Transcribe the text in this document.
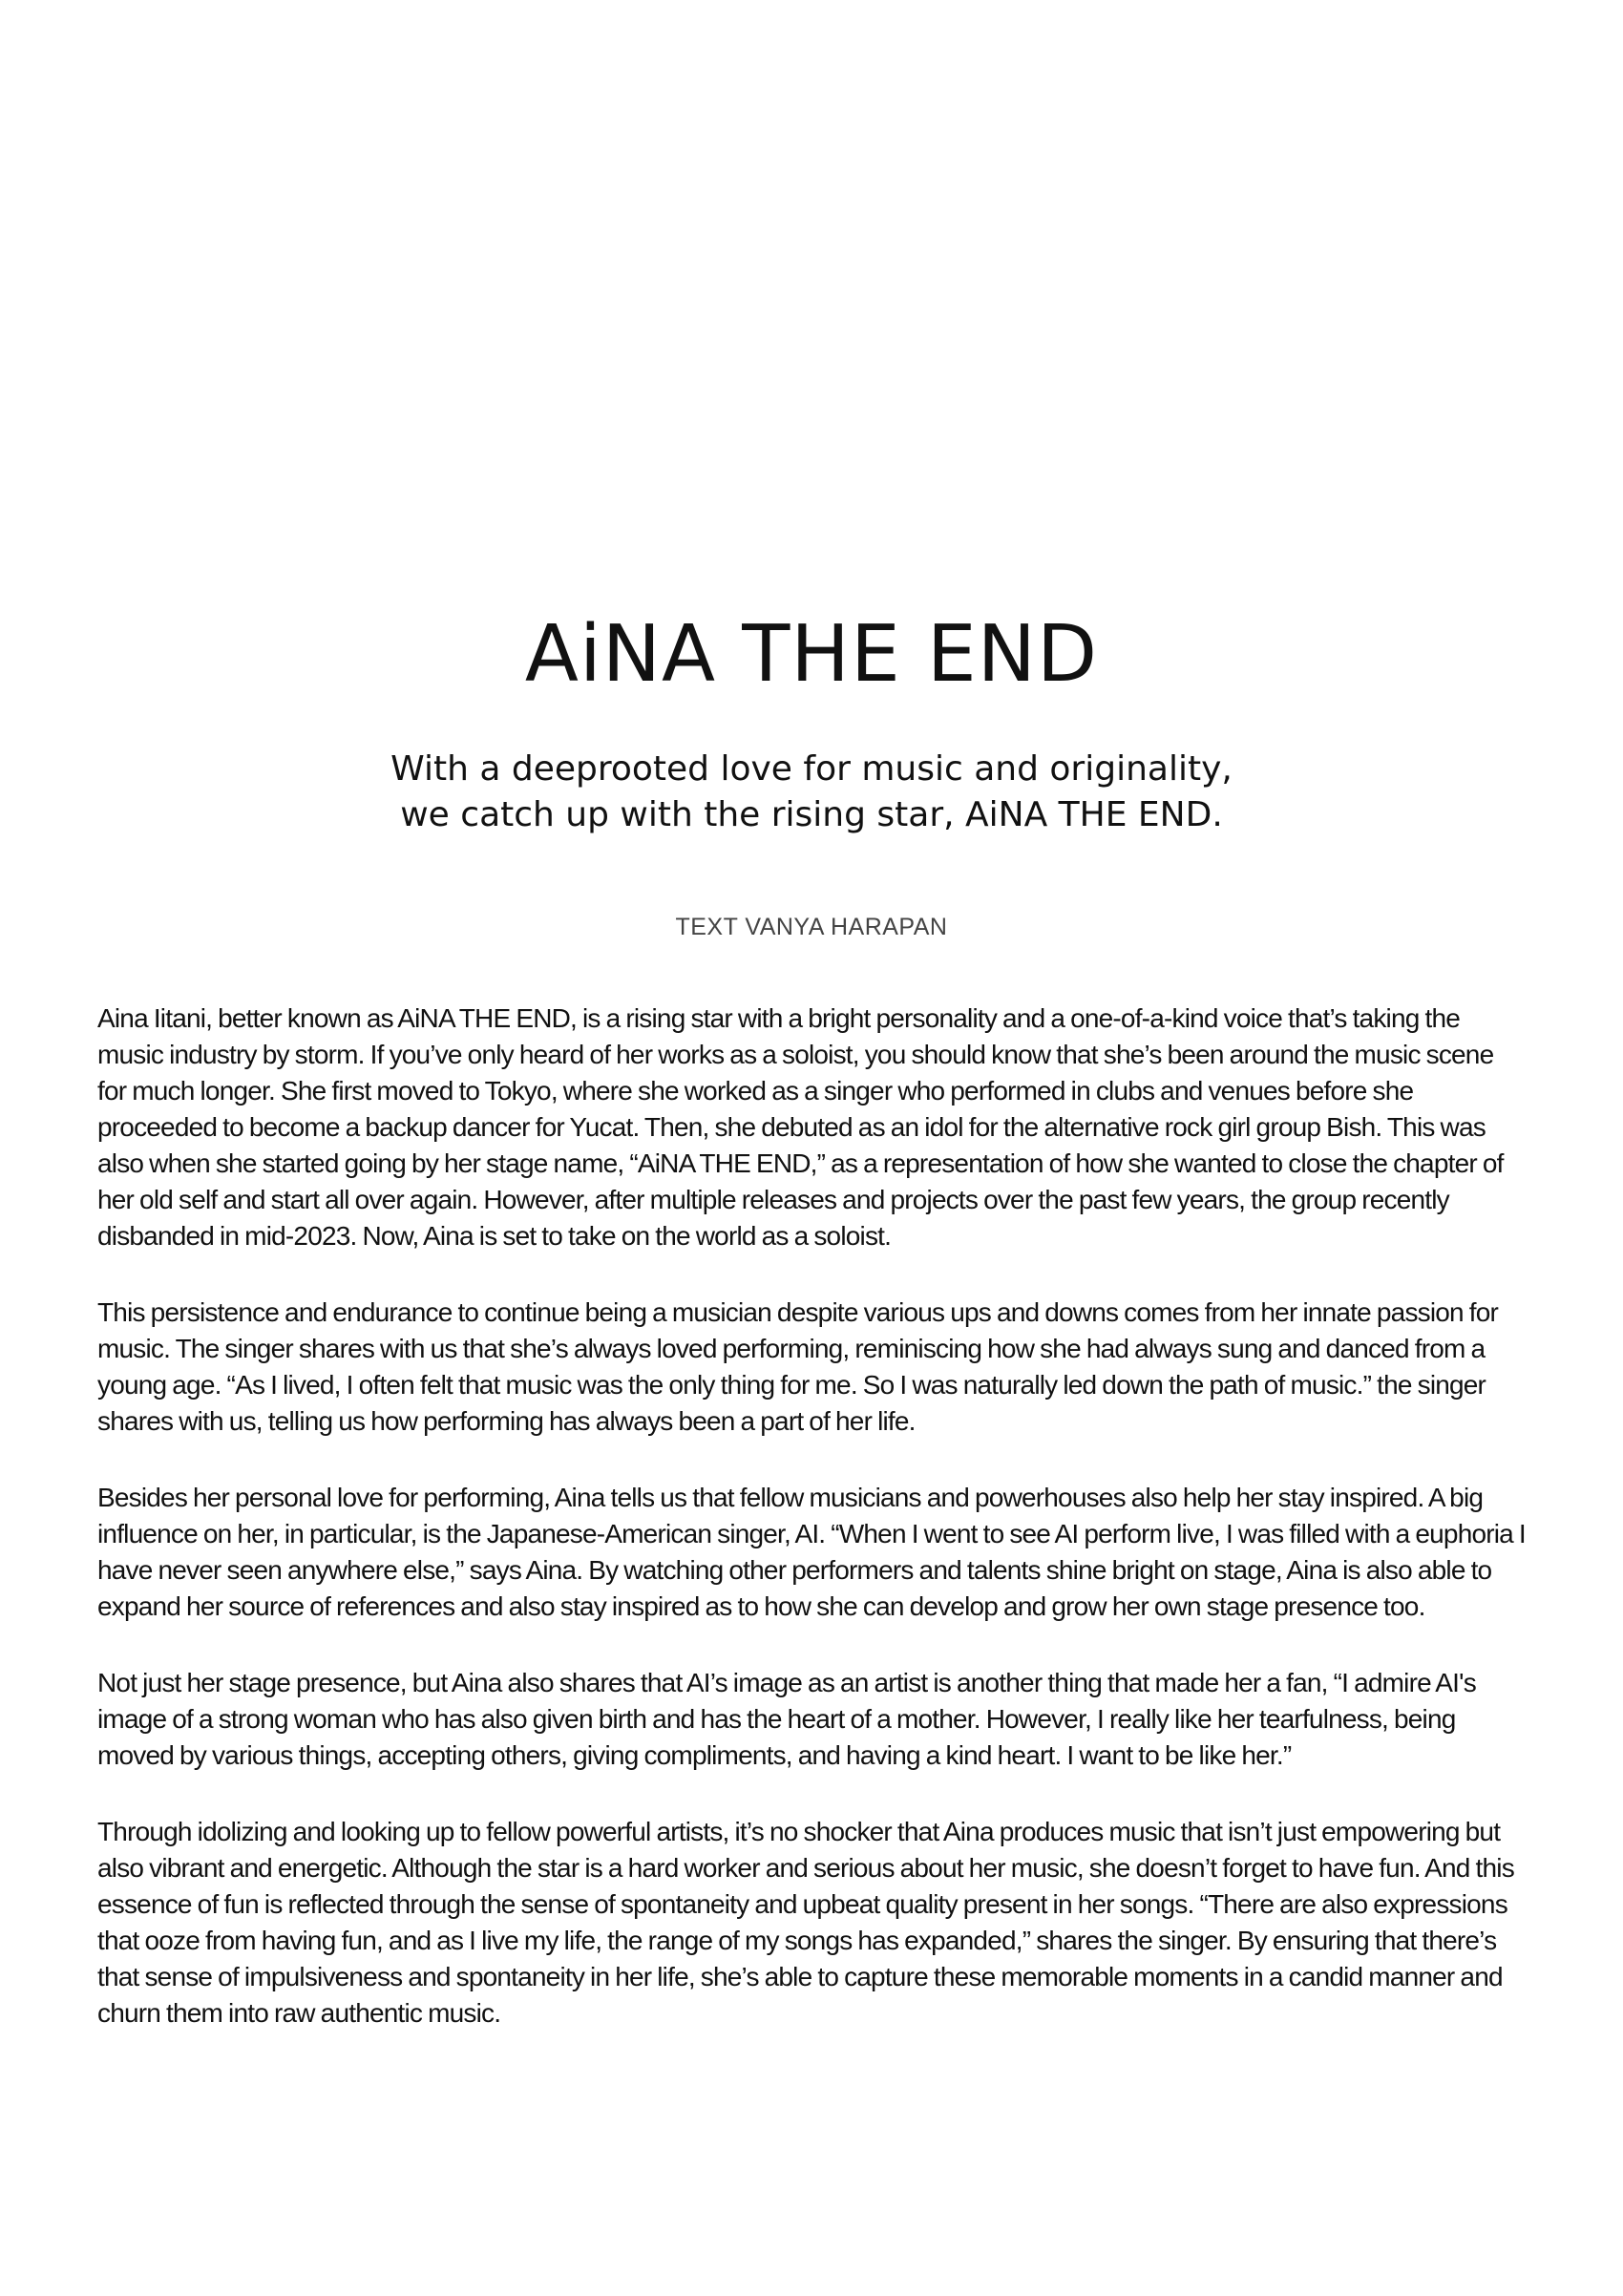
AiNA THE END
With a deeprooted love for music and originality,
we catch up with the rising star, AiNA THE END.
TEXT VANYA HARAPAN

Aina Iitani, better known as AiNA THE END, is a rising star with a bright personality and a one-of-a-kind voice that’s taking the music industry by storm. If you’ve only heard of her works as a soloist, you should know that she’s been around the music scene for much longer. She first moved to Tokyo, where she worked as a singer who performed in clubs and venues before she proceeded to become a backup dancer for Yucat. Then, she debuted as an idol for the alternative rock girl group Bish. This was also when she started going by her stage name, “AiNA THE END,” as a representation of how she wanted to close the chapter of her old self and start all over again. However, after multiple releases and projects over the past few years, the group recently disbanded in mid-2023. Now, Aina is set to take on the world as a soloist.

This persistence and endurance to continue being a musician despite various ups and downs comes from her innate passion for music. The singer shares with us that she’s always loved performing, reminiscing how she had always sung and danced from a young age. “As I lived, I often felt that music was the only thing for me. So I was naturally led down the path of music.” the singer shares with us, telling us how performing has always been a part of her life.

Besides her personal love for performing, Aina tells us that fellow musicians and powerhouses also help her stay inspired. A big influence on her, in particular, is the Japanese-American singer, AI. “When I went to see AI perform live, I was filled with a euphoria I have never seen anywhere else,” says Aina. By watching other performers and talents shine bright on stage, Aina is also able to expand her source of references and also stay inspired as to how she can develop and grow her own stage presence too.

Not just her stage presence, but Aina also shares that AI’s image as an artist is another thing that made her a fan, “I admire AI's image of a strong woman who has also given birth and has the heart of a mother. However, I really like her tearfulness, being moved by various things, accepting others, giving compliments, and having a kind heart. I want to be like her.”

Through idolizing and looking up to fellow powerful artists, it’s no shocker that Aina produces music that isn’t just empowering but also vibrant and energetic. Although the star is a hard worker and serious about her music, she doesn’t forget to have fun. And this essence of fun is reflected through the sense of spontaneity and upbeat quality present in her songs. “There are also expressions that ooze from having fun, and as I live my life, the range of my songs has expanded,” shares the singer. By ensuring that there’s that sense of impulsiveness and spontaneity in her life, she’s able to capture these memorable moments in a candid manner and churn them into raw authentic music.
